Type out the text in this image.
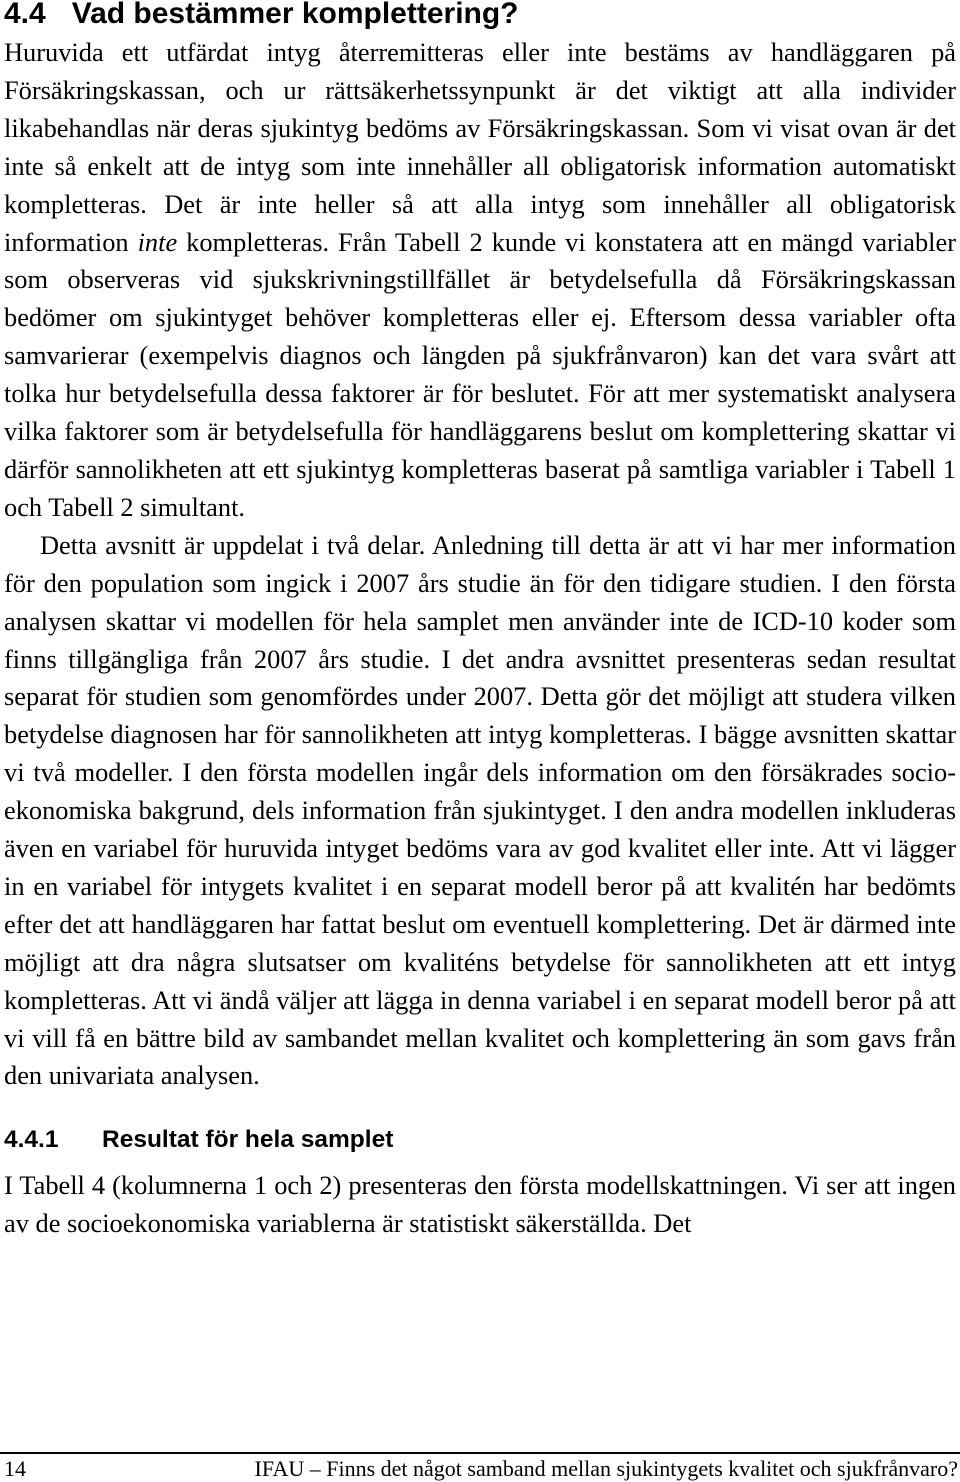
4.4 Vad bestämmer komplettering?

Huruvida ett utfärdat intyg återremitteras eller inte bestäms av handläggaren på Försäkringskassan, och ur rättsäkerhetssynpunkt är det viktigt att alla individer likabehandlas när deras sjukintyg bedöms av Försäkringskassan. Som vi visat ovan är det inte så enkelt att de intyg som inte innehåller all obligatorisk information automatiskt kompletteras. Det är inte heller så att alla intyg som innehåller all obligatorisk information inte kompletteras. Från Tabell 2 kunde vi konstatera att en mängd variabler som observeras vid sjukskrivningstillfället är betydelsefulla då Försäkringskassan bedömer om sjukintyget behöver kompletteras eller ej. Eftersom dessa variabler ofta samvarierar (exempelvis diagnos och längden på sjukfrånvaron) kan det vara svårt att tolka hur betydelsefulla dessa faktorer är för beslutet. För att mer systematiskt analysera vilka faktorer som är betydelsefulla för handläggarens beslut om komplettering skattar vi därför sannolikheten att ett sjukintyg kompletteras baserat på samtliga variabler i Tabell 1 och Tabell 2 simultant.

Detta avsnitt är uppdelat i två delar. Anledning till detta är att vi har mer information för den population som ingick i 2007 års studie än för den tidigare studien. I den första analysen skattar vi modellen för hela samplet men använder inte de ICD-10 koder som finns tillgängliga från 2007 års studie. I det andra avsnittet presenteras sedan resultat separat för studien som genomfördes under 2007. Detta gör det möjligt att studera vilken betydelse diagnosen har för sannolikheten att intyg kompletteras. I bägge avsnitten skattar vi två modeller. I den första modellen ingår dels information om den försäkrades socio-ekonomiska bakgrund, dels information från sjukintyget. I den andra modellen inkluderas även en variabel för huruvida intyget bedöms vara av god kvalitet eller inte. Att vi lägger in en variabel för intygets kvalitet i en separat modell beror på att kvalitén har bedömts efter det att handläggaren har fattat beslut om eventuell komplettering. Det är därmed inte möjligt att dra några slutsatser om kvaliténs betydelse för sannolikheten att ett intyg kompletteras. Att vi ändå väljer att lägga in denna variabel i en separat modell beror på att vi vill få en bättre bild av sambandet mellan kvalitet och komplettering än som gavs från den univariata analysen.

4.4.1	Resultat för hela samplet

I Tabell 4 (kolumnerna 1 och 2) presenteras den första modellskattningen. Vi ser att ingen av de socioekonomiska variablerna är statistiskt säkerställda. Det

14	IFAU – Finns det något samband mellan sjukintygets kvalitet och sjukfrånvaro?
